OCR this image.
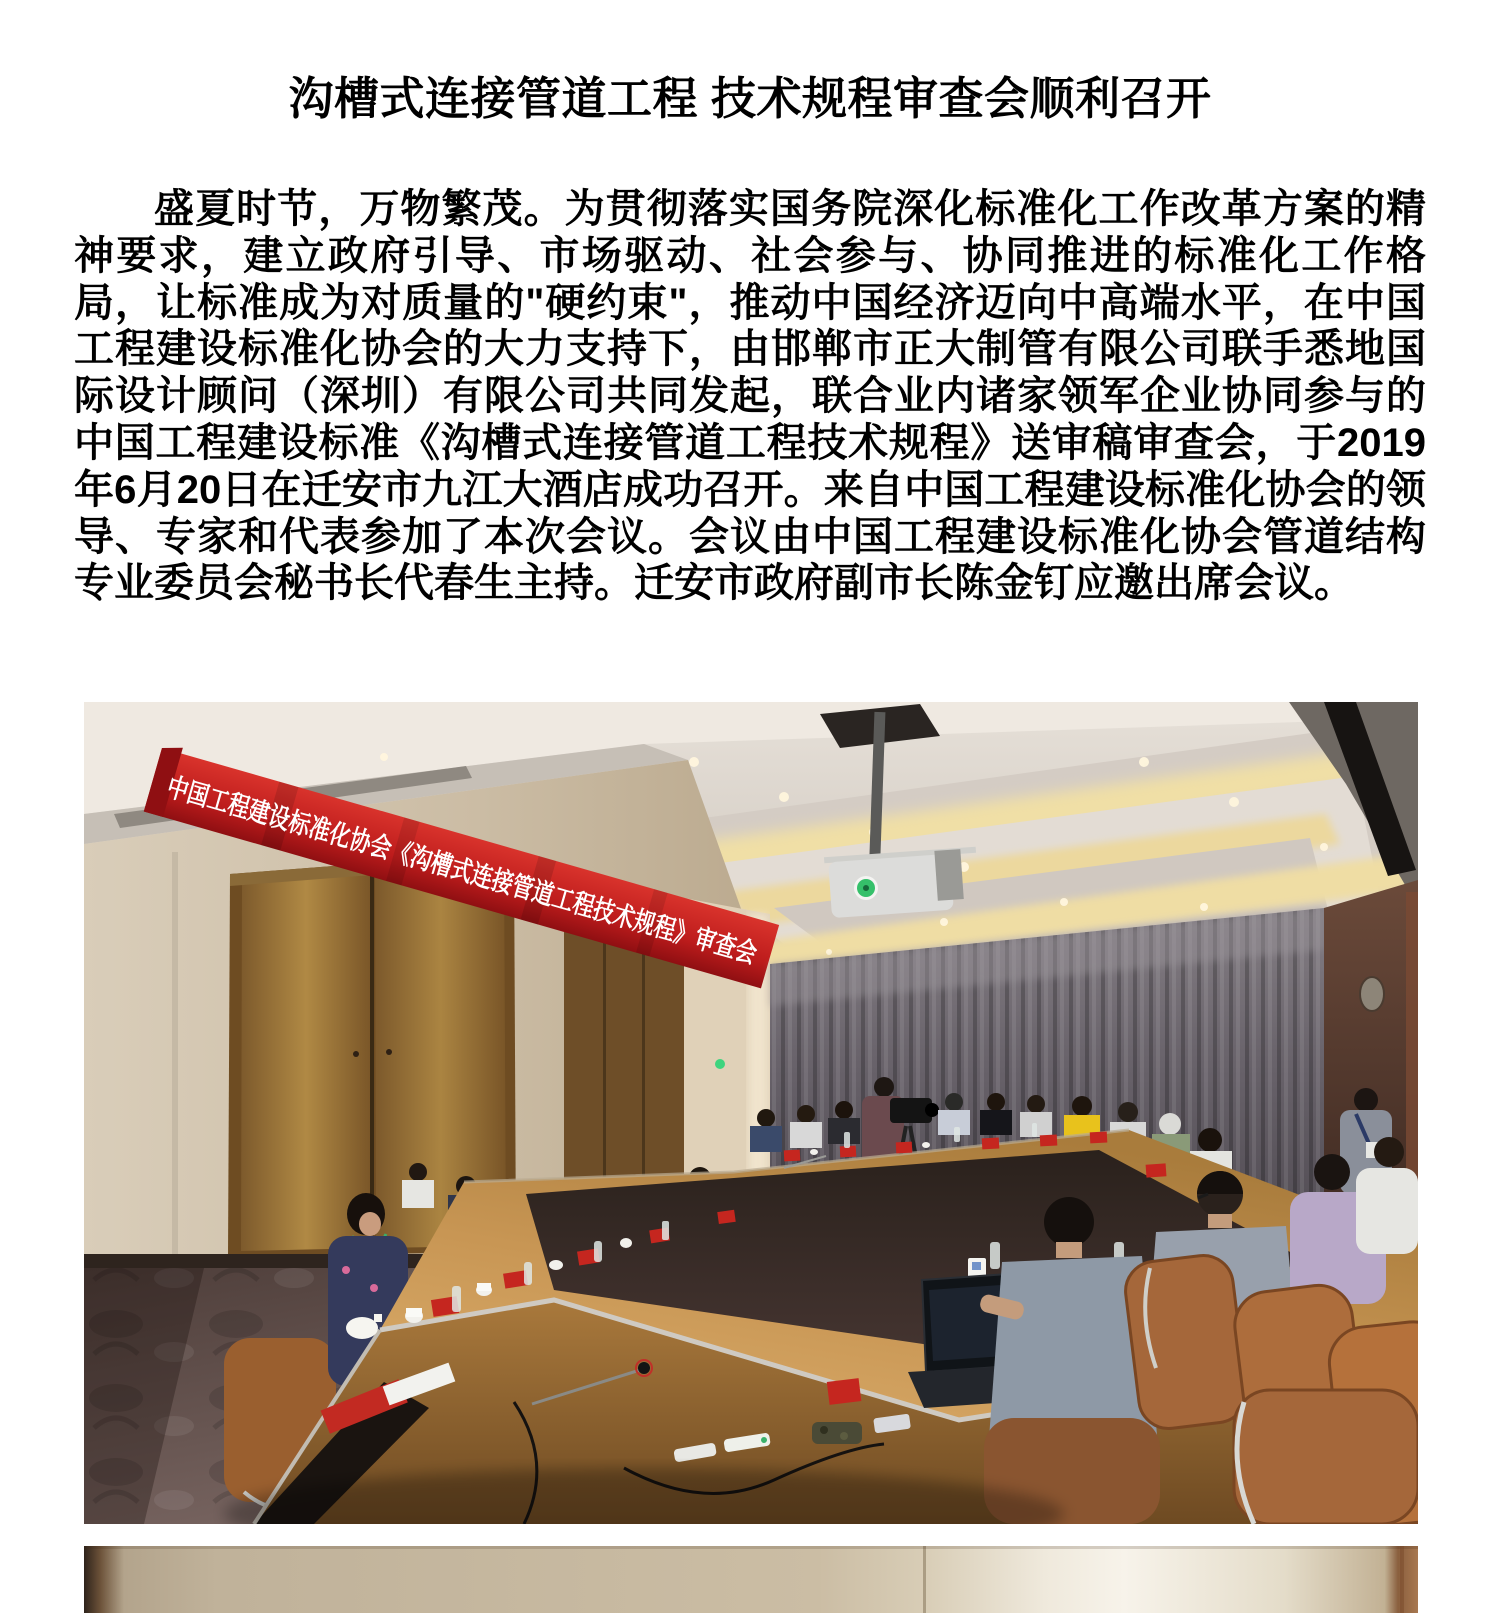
沟槽式连接管道工程 技术规程审查会顺利召开

盛夏时节，万物繁茂。为贯彻落实国务院深化标准化工作改革方案的精神要求，建立政府引导、市场驱动、社会参与、协同推进的标准化工作格局，让标准成为对质量的"硬约束"，推动中国经济迈向中高端水平，在中国工程建设标准化协会的大力支持下，由邯郸市正大制管有限公司联手悉地国际设计顾问（深圳）有限公司共同发起，联合业内诸家领军企业协同参与的中国工程建设标准《沟槽式连接管道工程技术规程》送审稿审查会，于2019年6月20日在迁安市九江大酒店成功召开。来自中国工程建设标准化协会的领导、专家和代表参加了本次会议。会议由中国工程建设标准化协会管道结构专业委员会秘书长代春生主持。迁安市政府副市长陈金钉应邀出席会议。

中国工程建设标准化协会《沟槽式连接管道工程技术规程》审查会
